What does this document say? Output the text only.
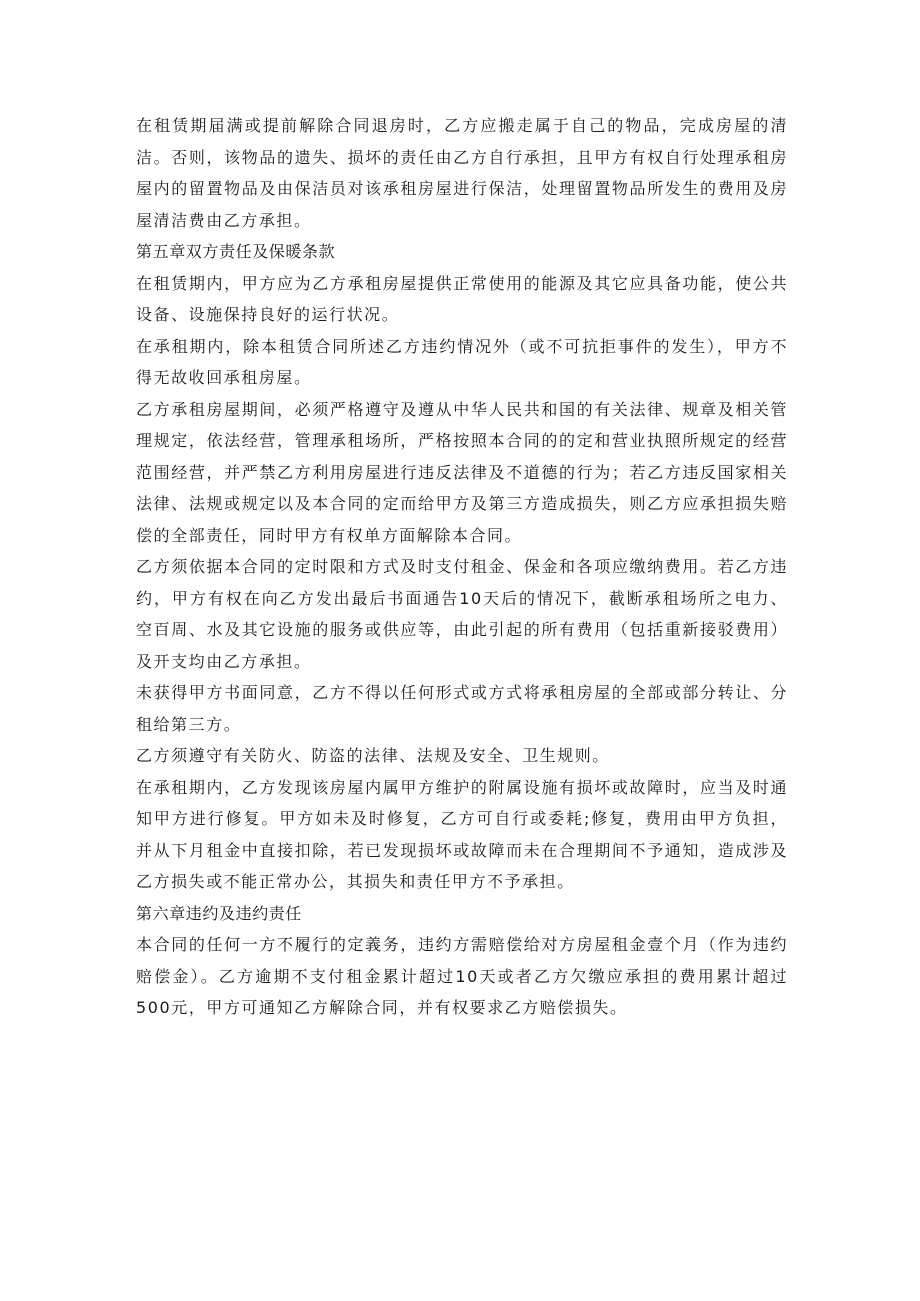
在租赁期届满或提前解除合同退房时，乙方应搬走属于自己的物品，完成房屋的清洁。否则，该物品的遗失、损坏的责任由乙方自行承担，且甲方有权自行处理承租房屋内的留置物品及由保洁员对该承租房屋进行保洁，处理留置物品所发生的费用及房屋清洁费由乙方承担。

第五章双方责任及保暖条款

在租赁期内，甲方应为乙方承租房屋提供正常使用的能源及其它应具备功能，使公共设备、设施保持良好的运行状况。

在承租期内，除本租赁合同所述乙方违约情况外（或不可抗拒事件的发生），甲方不得无故收回承租房屋。

乙方承租房屋期间，必须严格遵守及遵从中华人民共和国的有关法律、规章及相关管理规定，依法经营，管理承租场所，严格按照本合同的的定和营业执照所规定的经营范围经营，并严禁乙方利用房屋进行违反法律及不道德的行为；若乙方违反国家相关法律、法规或规定以及本合同的定而给甲方及第三方造成损失，则乙方应承担损失赔偿的全部责任，同时甲方有权单方面解除本合同。

乙方须依据本合同的定时限和方式及时支付租金、保金和各项应缴纳费用。若乙方违约，甲方有权在向乙方发出最后书面通告10天后的情况下，截断承租场所之电力、空百周、水及其它设施的服务或供应等，由此引起的所有费用（包括重新接驳费用）及开支均由乙方承担。

未获得甲方书面同意，乙方不得以任何形式或方式将承租房屋的全部或部分转让、分租给第三方。

乙方须遵守有关防火、防盗的法律、法规及安全、卫生规则。

在承租期内，乙方发现该房屋内属甲方维护的附属设施有损坏或故障时，应当及时通知甲方进行修复。甲方如未及时修复，乙方可自行或委耗;修复，费用由甲方负担，并从下月租金中直接扣除，若已发现损坏或故障而未在合理期间不予通知，造成涉及乙方损失或不能正常办公，其损失和责任甲方不予承担。

第六章违约及违约责任

本合同的任何一方不履行的定義务，违约方需赔偿给对方房屋租金壹个月（作为违约赔偿金）。乙方逾期不支付租金累计超过10天或者乙方欠缴应承担的费用累计超过500元，甲方可通知乙方解除合同，并有权要求乙方赔偿损失。
